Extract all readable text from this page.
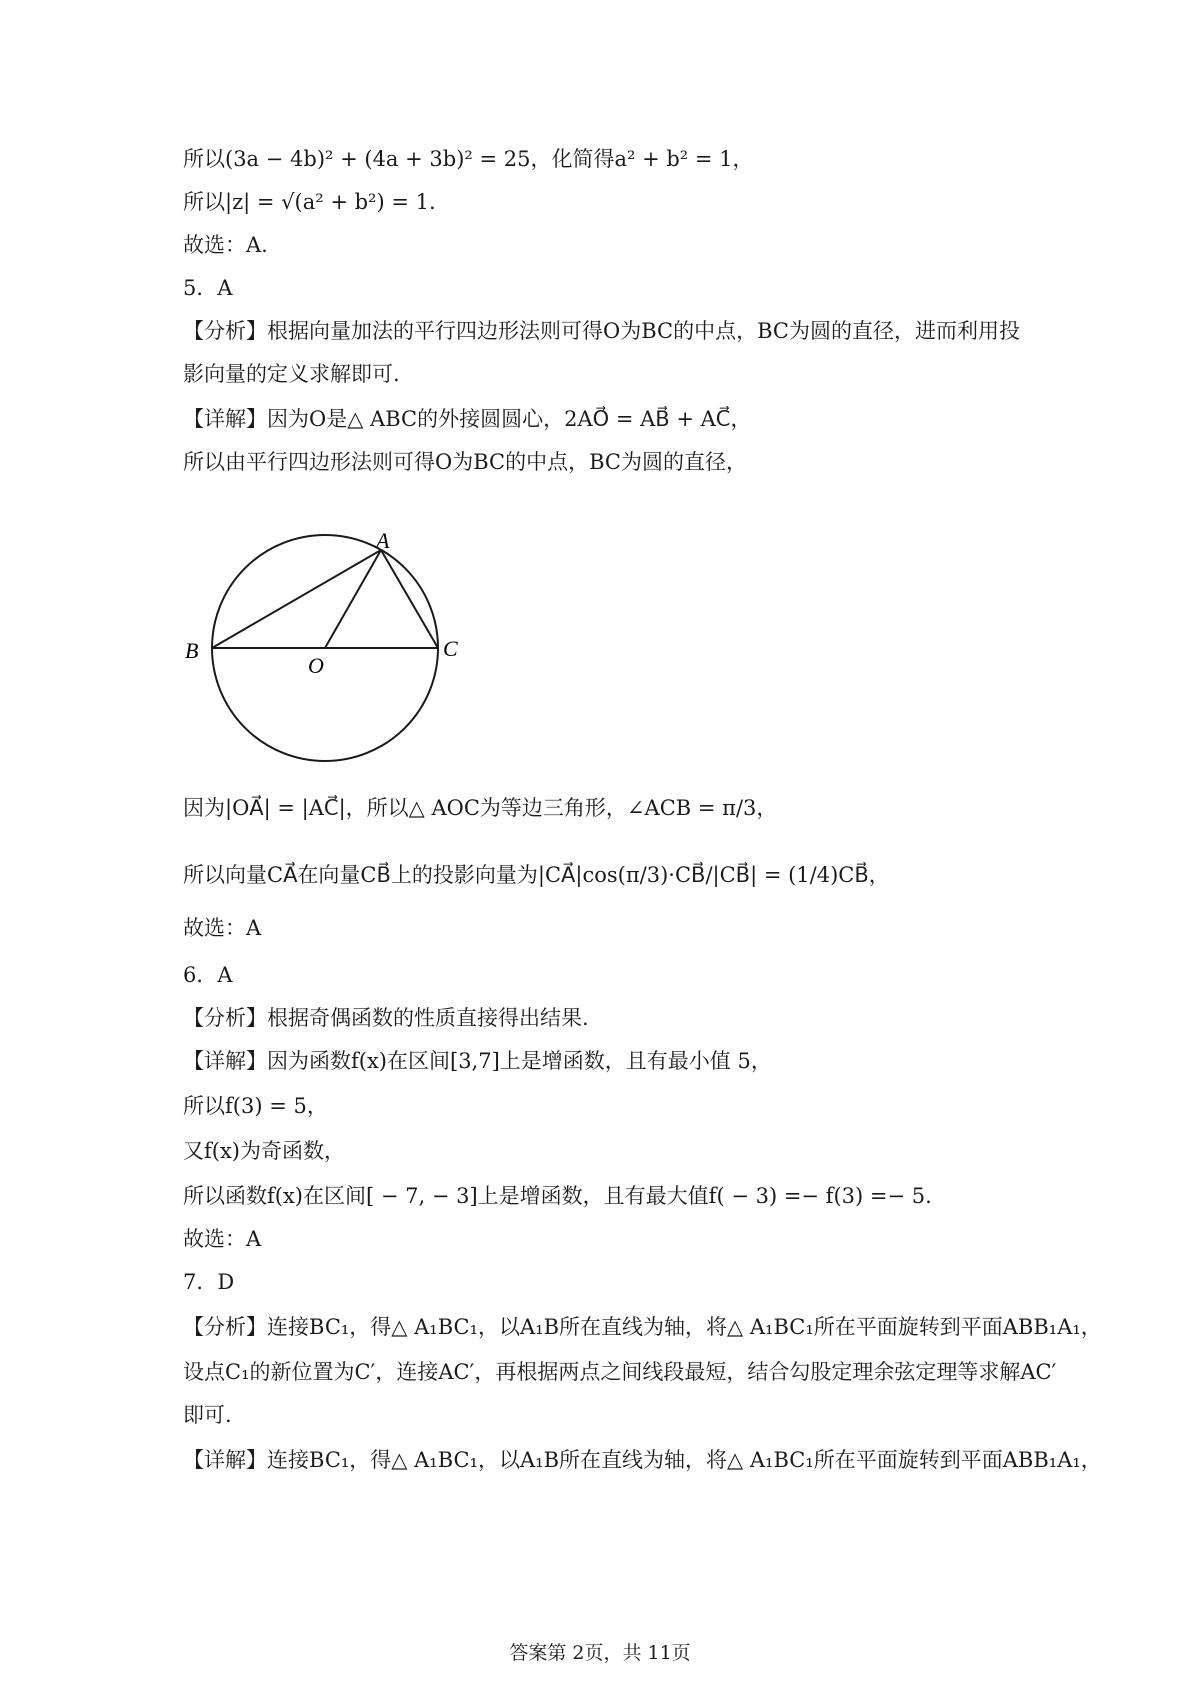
所以(3a − 4b)² + (4a + 3b)² = 25，化简得a² + b² = 1，
所以|z| = √(a² + b²) = 1.
故选：A.
5．A
【分析】根据向量加法的平行四边形法则可得O为BC的中点，BC为圆的直径，进而利用投
影向量的定义求解即可.
【详解】因为O是△ ABC的外接圆圆心，2AO⃗ = AB⃗ + AC⃗，
所以由平行四边形法则可得O为BC的中点，BC为圆的直径，
A
B	C
O
因为|OA⃗| = |AC⃗|，所以△ AOC为等边三角形，∠ACB = π/3，
所以向量CA⃗在向量CB⃗上的投影向量为|CA⃗|cos(π/3)·CB⃗/|CB⃗| = (1/4)CB⃗，
故选：A
6．A
【分析】根据奇偶函数的性质直接得出结果.
【详解】因为函数f(x)在区间[3,7]上是增函数，且有最小值 5，
所以f(3) = 5，
又f(x)为奇函数，
所以函数f(x)在区间[ − 7, − 3]上是增函数，且有最大值f( − 3) =− f(3) =− 5.
故选：A
7．D
【分析】连接BC₁，得△ A₁BC₁，以A₁B所在直线为轴，将△ A₁BC₁所在平面旋转到平面ABB₁A₁，
设点C₁的新位置为C′，连接AC′，再根据两点之间线段最短，结合勾股定理余弦定理等求解AC′
即可.
【详解】连接BC₁，得△ A₁BC₁，以A₁B所在直线为轴，将△ A₁BC₁所在平面旋转到平面ABB₁A₁，
答案第 2页，共 11页
